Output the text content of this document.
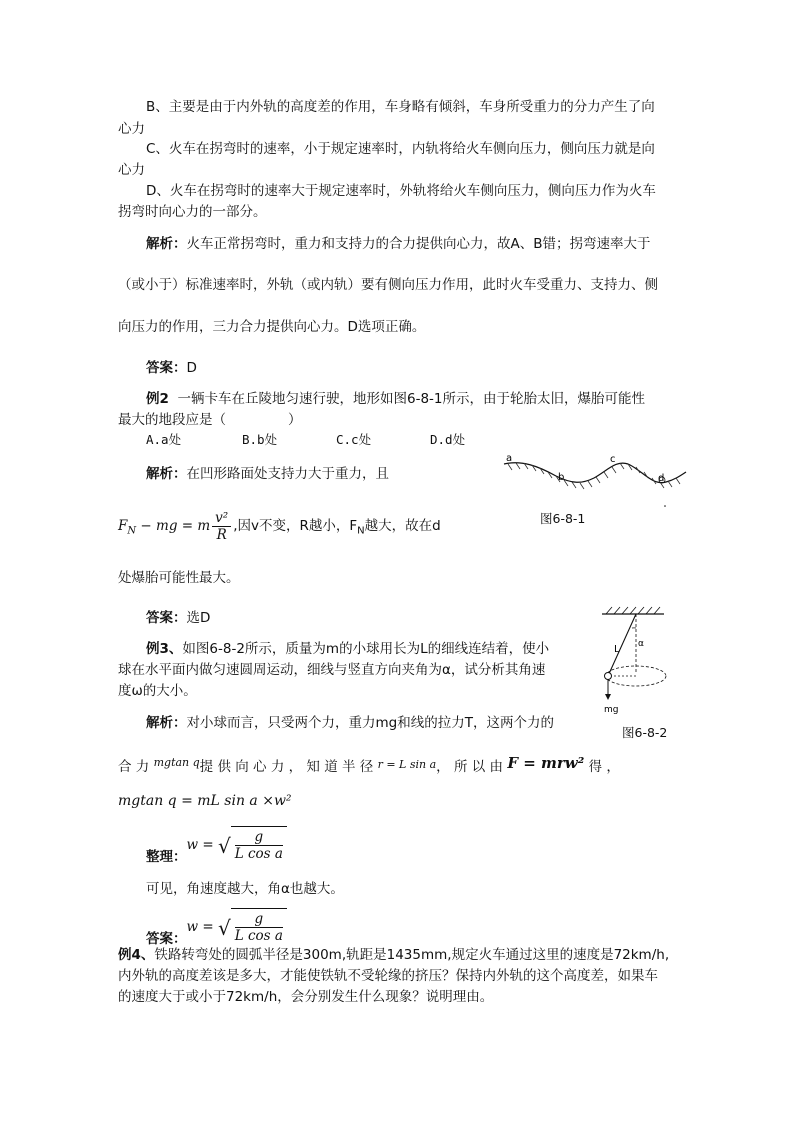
B、主要是由于内外轨的高度差的作用，车身略有倾斜，车身所受重力的分力产生了向
心力
C、火车在拐弯时的速率，小于规定速率时，内轨将给火车侧向压力，侧向压力就是向
心力
D、火车在拐弯时的速率大于规定速率时，外轨将给火车侧向压力，侧向压力作为火车
拐弯时向心力的一部分。
解析：火车正常拐弯时，重力和支持力的合力提供向心力，故A、B错；拐弯速率大于
（或小于）标准速率时，外轨（或内轨）要有侧向压力作用，此时火车受重力、支持力、侧
向压力的作用，三力合力提供向心力。D选项正确。
答案：D
例2 一辆卡车在丘陵地匀速行驶，地形如图6-8-1所示，由于轮胎太旧，爆胎可能性
最大的地段应是（	）
A.a处	B.b处	C.c处	D.d处
解析：在凹形路面处支持力大于重力，且
$F_N$ − mg = m $\frac{\text{v²}}{R}$ ,因v不变，R越小，$F_N$越大，故在d
处爆胎可能性最大。
答案：选D
a
b
c
d
图6-8-1
例3、如图6-8-2所示，质量为m的小球用长为L的细线连结着，使小
球在水平面内做匀速圆周运动，细线与竖直方向夹角为α，试分析其角速
度ω的大小。
解析：对小球而言，只受两个力，重力mg和线的拉力T，这两个力的
合 力 $^{mgtan q}$提 供 向 心 力 ， 知 道 半 径 $^{r = L sin a}$， 所 以 由 F = mrw² 得 ，
mgtan q = mL sin a ×w²
整理：w = √ $\frac{g}{\text{L cos a}}$
可见，角速度越大，角α也越大。
答案：w = √ $\frac{g}{\text{L cos a}}$
L α
mg
图6-8-2
例4、铁路转弯处的圆弧半径是300m,轨距是1435mm,规定火车通过这里的速度是72km/h,
内外轨的高度差该是多大，才能使铁轨不受轮缘的挤压？保持内外轨的这个高度差，如果车
的速度大于或小于72km/h，会分别发生什么现象？说明理由。
